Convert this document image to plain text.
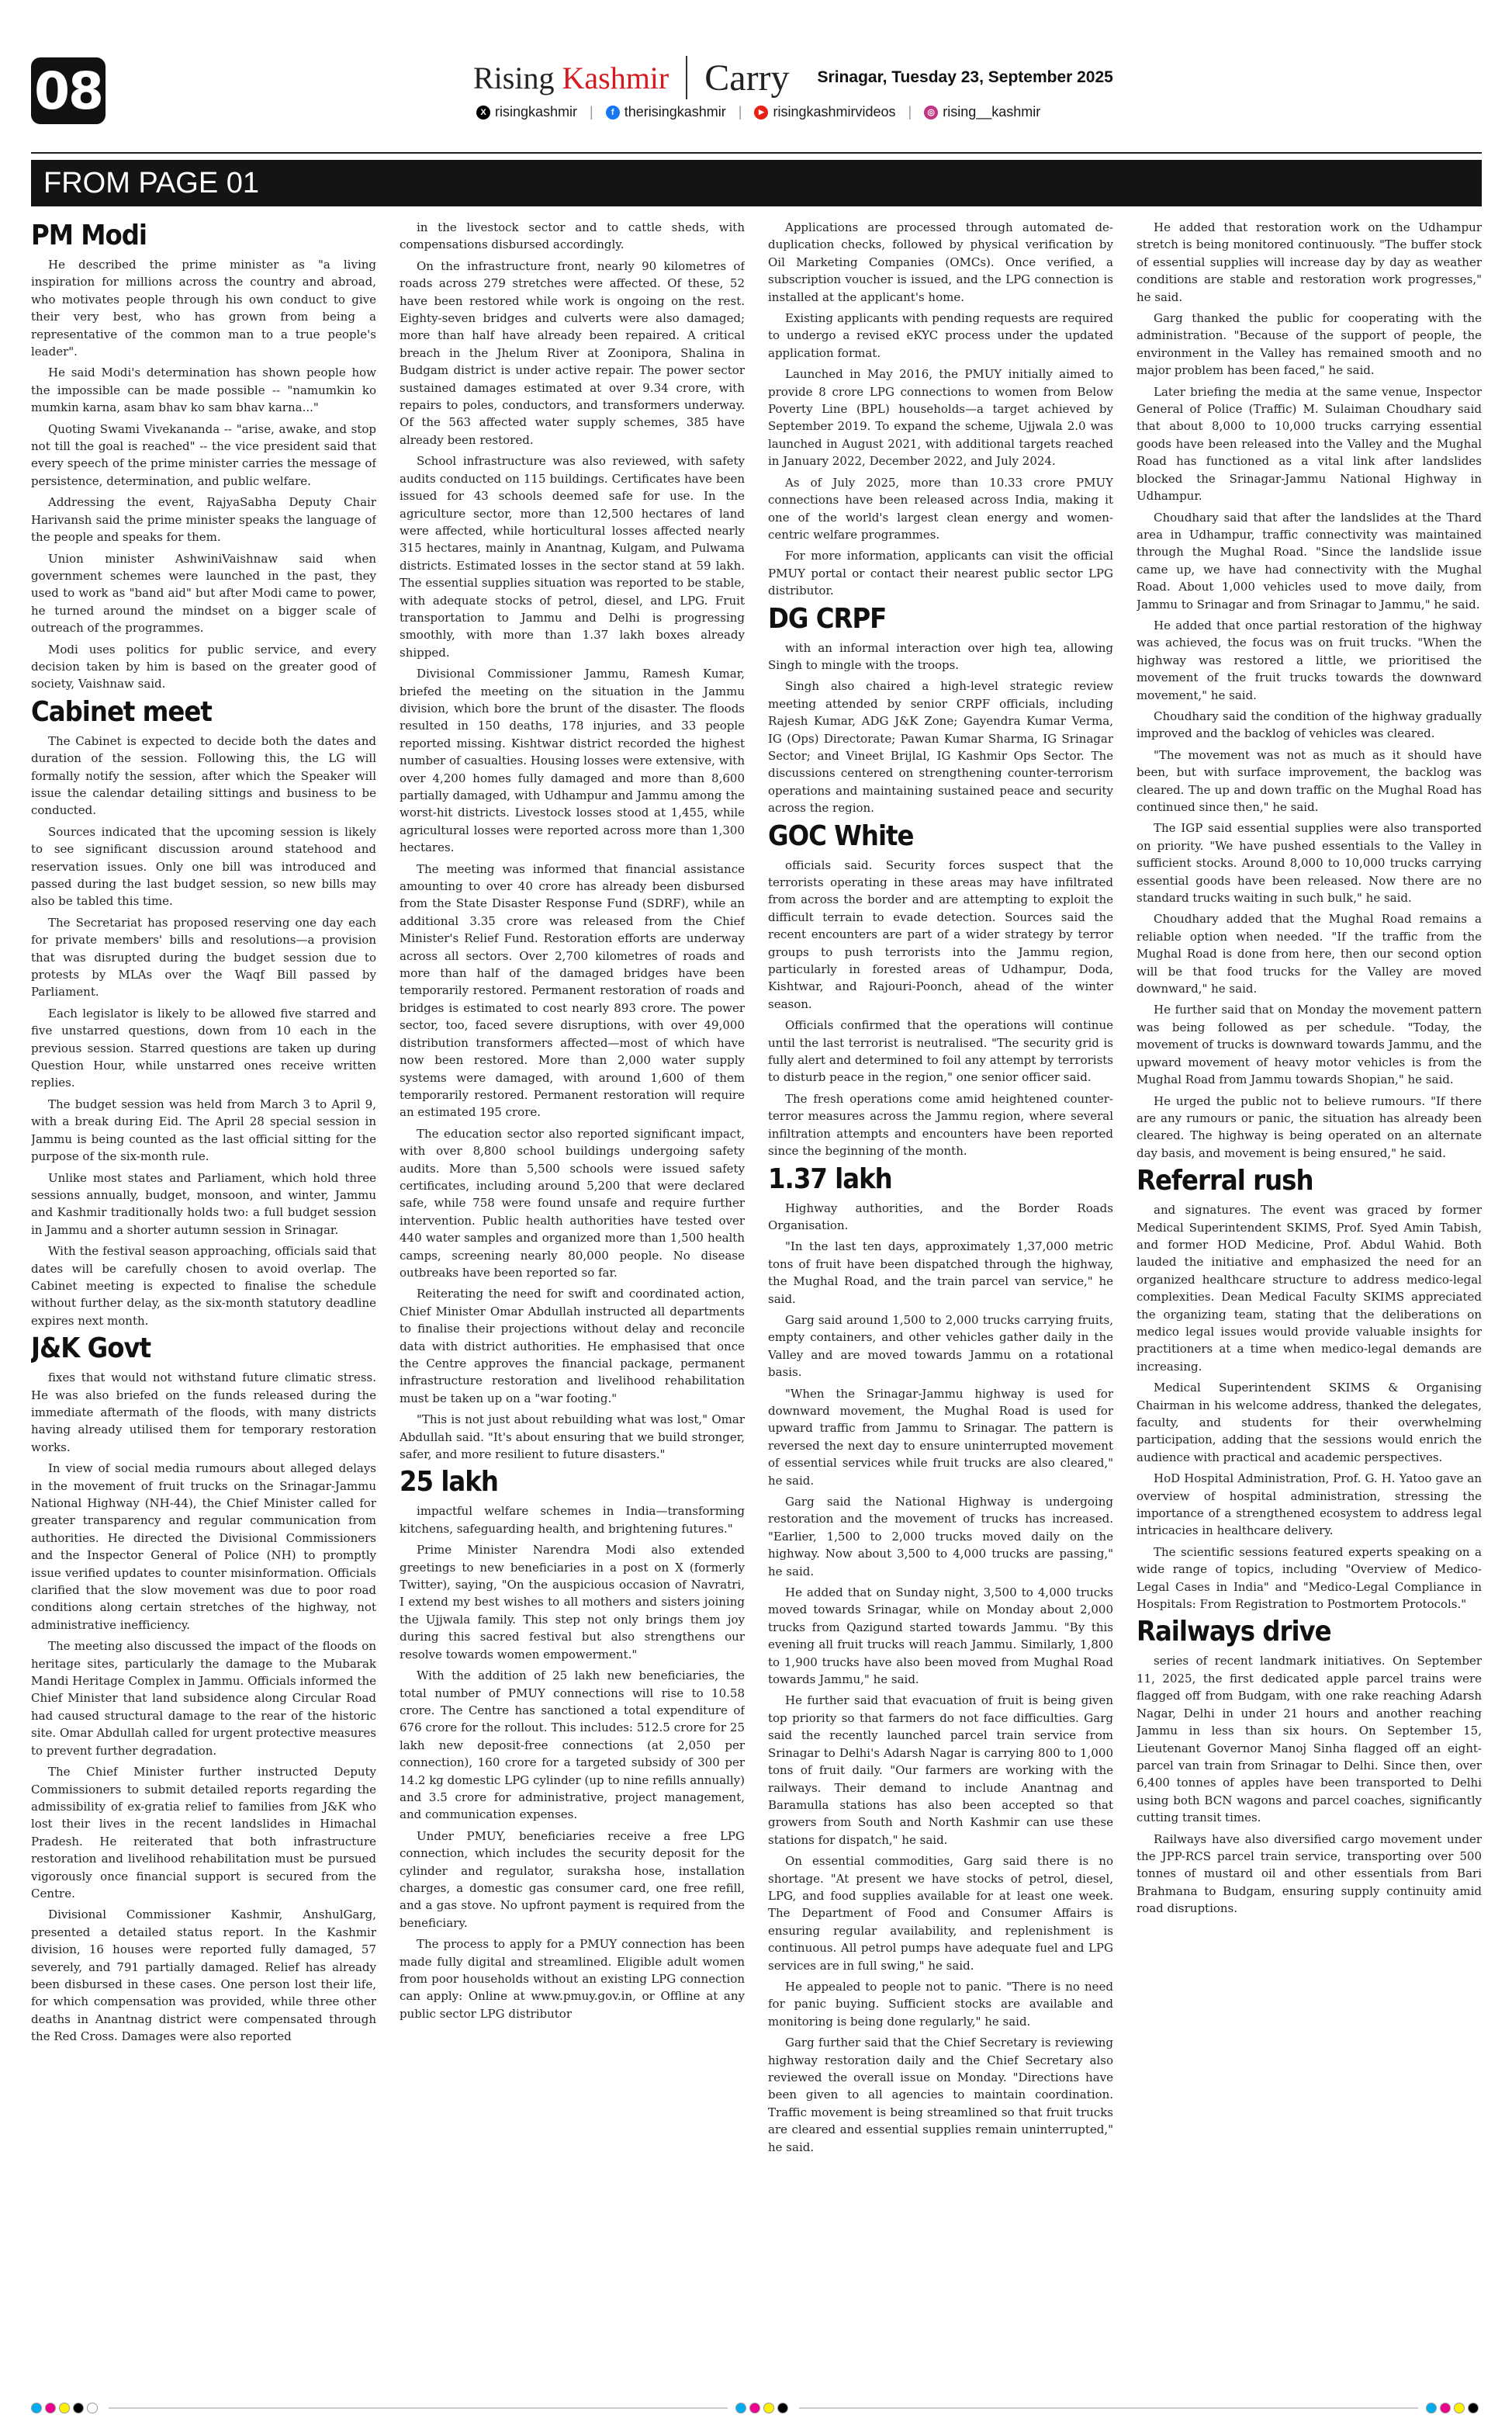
08	Rising Kashmir Carry Srinagar, Tuesday 23, September 2025
X risingkashmir |	f therisingkashmir |	▶ risingkashmirvideos |	◎ rising__kashmir
FROM PAGE 01
PM Modi

He described the prime minister as "a living inspiration for millions across the country and abroad, who motivates people through his own conduct to give their very best, who has grown from being a representative of the common man to a true people's leader".

He said Modi's determination has shown people how the impossible can be made possible -- "namumkin ko mumkin karna, asam bhav ko sam bhav karna..."

Quoting Swami Vivekananda -- "arise, awake, and stop not till the goal is reached" -- the vice president said that every speech of the prime minister carries the message of persistence, determination, and public welfare.

Addressing the event, RajyaSabha Deputy Chair Harivansh said the prime minister speaks the language of the people and speaks for them.

Union minister AshwiniVaishnaw said when government schemes were launched in the past, they used to work as "band aid" but after Modi came to power, he turned around the mindset on a bigger scale of outreach of the programmes.

Modi uses politics for public service, and every decision taken by him is based on the greater good of society, Vaishnaw said.

Cabinet meet

The Cabinet is expected to decide both the dates and duration of the session. Following this, the LG will formally notify the session, after which the Speaker will issue the calendar detailing sittings and business to be conducted.

Sources indicated that the upcoming session is likely to see significant discussion around statehood and reservation issues. Only one bill was introduced and passed during the last budget session, so new bills may also be tabled this time.

The Secretariat has proposed reserving one day each for private members' bills and resolutions—a provision that was disrupted during the budget session due to protests by MLAs over the Waqf Bill passed by Parliament.

Each legislator is likely to be allowed five starred and five unstarred questions, down from 10 each in the previous session. Starred questions are taken up during Question Hour, while unstarred ones receive written replies.

The budget session was held from March 3 to April 9, with a break during Eid. The April 28 special session in Jammu is being counted as the last official sitting for the purpose of the six-month rule.

Unlike most states and Parliament, which hold three sessions annually, budget, monsoon, and winter, Jammu and Kashmir traditionally holds two: a full budget session in Jammu and a shorter autumn session in Srinagar.

With the festival season approaching, officials said that dates will be carefully chosen to avoid overlap. The Cabinet meeting is expected to finalise the schedule without further delay, as the six-month statutory deadline expires next month.

J&K Govt

fixes that would not withstand future climatic stress. He was also briefed on the funds released during the immediate aftermath of the floods, with many districts having already utilised them for temporary restoration works.

In view of social media rumours about alleged delays in the movement of fruit trucks on the Srinagar-Jammu National Highway (NH-44), the Chief Minister called for greater transparency and regular communication from authorities. He directed the Divisional Commissioners and the Inspector General of Police (NH) to promptly issue verified updates to counter misinformation. Officials clarified that the slow movement was due to poor road conditions along certain stretches of the highway, not administrative inefficiency.

The meeting also discussed the impact of the floods on heritage sites, particularly the damage to the Mubarak Mandi Heritage Complex in Jammu. Officials informed the Chief Minister that land subsidence along Circular Road had caused structural damage to the rear of the historic site. Omar Abdullah called for urgent protective measures to prevent further degradation.

The Chief Minister further instructed Deputy Commissioners to submit detailed reports regarding the admissibility of ex-gratia relief to families from J&K who lost their lives in the recent landslides in Himachal Pradesh. He reiterated that both infrastructure restoration and livelihood rehabilitation must be pursued vigorously once financial support is secured from the Centre.

Divisional Commissioner Kashmir, AnshulGarg, presented a detailed status report. In the Kashmir division, 16 houses were reported fully damaged, 57 severely, and 791 partially damaged. Relief has already been disbursed in these cases. One person lost their life, for which compensation was provided, while three other deaths in Anantnag district were compensated through the Red Cross. Damages were also reported

in the livestock sector and to cattle sheds, with compensations disbursed accordingly.

On the infrastructure front, nearly 90 kilometres of roads across 279 stretches were affected. Of these, 52 have been restored while work is ongoing on the rest. Eighty-seven bridges and culverts were also damaged; more than half have already been repaired. A critical breach in the Jhelum River at Zoonipora, Shalina in Budgam district is under active repair. The power sector sustained damages estimated at over 9.34 crore, with repairs to poles, conductors, and transformers underway. Of the 563 affected water supply schemes, 385 have already been restored.

School infrastructure was also reviewed, with safety audits conducted on 115 buildings. Certificates have been issued for 43 schools deemed safe for use. In the agriculture sector, more than 12,500 hectares of land were affected, while horticultural losses affected nearly 315 hectares, mainly in Anantnag, Kulgam, and Pulwama districts. Estimated losses in the sector stand at 59 lakh. The essential supplies situation was reported to be stable, with adequate stocks of petrol, diesel, and LPG. Fruit transportation to Jammu and Delhi is progressing smoothly, with more than 1.37 lakh boxes already shipped.

Divisional Commissioner Jammu, Ramesh Kumar, briefed the meeting on the situation in the Jammu division, which bore the brunt of the disaster. The floods resulted in 150 deaths, 178 injuries, and 33 people reported missing. Kishtwar district recorded the highest number of casualties. Housing losses were extensive, with over 4,200 homes fully damaged and more than 8,600 partially damaged, with Udhampur and Jammu among the worst-hit districts. Livestock losses stood at 1,455, while agricultural losses were reported across more than 1,300 hectares.

The meeting was informed that financial assistance amounting to over 40 crore has already been disbursed from the State Disaster Response Fund (SDRF), while an additional 3.35 crore was released from the Chief Minister's Relief Fund. Restoration efforts are underway across all sectors. Over 2,700 kilometres of roads and more than half of the damaged bridges have been temporarily restored. Permanent restoration of roads and bridges is estimated to cost nearly 893 crore. The power sector, too, faced severe disruptions, with over 49,000 distribution transformers affected—most of which have now been restored. More than 2,000 water supply systems were damaged, with around 1,600 of them temporarily restored. Permanent restoration will require an estimated 195 crore.

The education sector also reported significant impact, with over 8,800 school buildings undergoing safety audits. More than 5,500 schools were issued safety certificates, including around 5,200 that were declared safe, while 758 were found unsafe and require further intervention. Public health authorities have tested over 440 water samples and organized more than 1,500 health camps, screening nearly 80,000 people. No disease outbreaks have been reported so far.

Reiterating the need for swift and coordinated action, Chief Minister Omar Abdullah instructed all departments to finalise their projections without delay and reconcile data with district authorities. He emphasised that once the Centre approves the financial package, permanent infrastructure restoration and livelihood rehabilitation must be taken up on a "war footing."

"This is not just about rebuilding what was lost," Omar Abdullah said. "It's about ensuring that we build stronger, safer, and more resilient to future disasters."

25 lakh

impactful welfare schemes in India—transforming kitchens, safeguarding health, and brightening futures."

Prime Minister Narendra Modi also extended greetings to new beneficiaries in a post on X (formerly Twitter), saying, "On the auspicious occasion of Navratri, I extend my best wishes to all mothers and sisters joining the Ujjwala family. This step not only brings them joy during this sacred festival but also strengthens our resolve towards women empowerment."

With the addition of 25 lakh new beneficiaries, the total number of PMUY connections will rise to 10.58 crore. The Centre has sanctioned a total expenditure of 676 crore for the rollout. This includes: 512.5 crore for 25 lakh new deposit-free connections (at 2,050 per connection), 160 crore for a targeted subsidy of 300 per 14.2 kg domestic LPG cylinder (up to nine refills annually) and 3.5 crore for administrative, project management, and communication expenses.

Under PMUY, beneficiaries receive a free LPG connection, which includes the security deposit for the cylinder and regulator, suraksha hose, installation charges, a domestic gas consumer card, one free refill, and a gas stove. No upfront payment is required from the beneficiary.

The process to apply for a PMUY connection has been made fully digital and streamlined. Eligible adult women from poor households without an existing LPG connection can apply: Online at www.pmuy.gov.in, or Offline at any public sector LPG distributor

Applications are processed through automated de-duplication checks, followed by physical verification by Oil Marketing Companies (OMCs). Once verified, a subscription voucher is issued, and the LPG connection is installed at the applicant's home.

Existing applicants with pending requests are required to undergo a revised eKYC process under the updated application format.

Launched in May 2016, the PMUY initially aimed to provide 8 crore LPG connections to women from Below Poverty Line (BPL) households—a target achieved by September 2019. To expand the scheme, Ujjwala 2.0 was launched in August 2021, with additional targets reached in January 2022, December 2022, and July 2024.

As of July 2025, more than 10.33 crore PMUY connections have been released across India, making it one of the world's largest clean energy and women-centric welfare programmes.

For more information, applicants can visit the official PMUY portal or contact their nearest public sector LPG distributor.

DG CRPF

with an informal interaction over high tea, allowing Singh to mingle with the troops.

Singh also chaired a high-level strategic review meeting attended by senior CRPF officials, including Rajesh Kumar, ADG J&K Zone; Gayendra Kumar Verma, IG (Ops) Directorate; Pawan Kumar Sharma, IG Srinagar Sector; and Vineet Brijlal, IG Kashmir Ops Sector. The discussions centered on strengthening counter-terrorism operations and maintaining sustained peace and security across the region.

GOC White

officials said. Security forces suspect that the terrorists operating in these areas may have infiltrated from across the border and are attempting to exploit the difficult terrain to evade detection. Sources said the recent encounters are part of a wider strategy by terror groups to push terrorists into the Jammu region, particularly in forested areas of Udhampur, Doda, Kishtwar, and Rajouri-Poonch, ahead of the winter season.

Officials confirmed that the operations will continue until the last terrorist is neutralised. "The security grid is fully alert and determined to foil any attempt by terrorists to disturb peace in the region," one senior officer said.

The fresh operations come amid heightened counter-terror measures across the Jammu region, where several infiltration attempts and encounters have been reported since the beginning of the month.

1.37 lakh

Highway authorities, and the Border Roads Organisation.

"In the last ten days, approximately 1,37,000 metric tons of fruit have been dispatched through the highway, the Mughal Road, and the train parcel van service," he said.

Garg said around 1,500 to 2,000 trucks carrying fruits, empty containers, and other vehicles gather daily in the Valley and are moved towards Jammu on a rotational basis.

"When the Srinagar-Jammu highway is used for downward movement, the Mughal Road is used for upward traffic from Jammu to Srinagar. The pattern is reversed the next day to ensure uninterrupted movement of essential services while fruit trucks are also cleared," he said.

Garg said the National Highway is undergoing restoration and the movement of trucks has increased. "Earlier, 1,500 to 2,000 trucks moved daily on the highway. Now about 3,500 to 4,000 trucks are passing," he said.

He added that on Sunday night, 3,500 to 4,000 trucks moved towards Srinagar, while on Monday about 2,000 trucks from Qazigund started towards Jammu. "By this evening all fruit trucks will reach Jammu. Similarly, 1,800 to 1,900 trucks have also been moved from Mughal Road towards Jammu," he said.

He further said that evacuation of fruit is being given top priority so that farmers do not face difficulties. Garg said the recently launched parcel train service from Srinagar to Delhi's Adarsh Nagar is carrying 800 to 1,000 tons of fruit daily. "Our farmers are working with the railways. Their demand to include Anantnag and Baramulla stations has also been accepted so that growers from South and North Kashmir can use these stations for dispatch," he said.

On essential commodities, Garg said there is no shortage. "At present we have stocks of petrol, diesel, LPG, and food supplies available for at least one week. The Department of Food and Consumer Affairs is ensuring regular availability, and replenishment is continuous. All petrol pumps have adequate fuel and LPG services are in full swing," he said.

He appealed to people not to panic. "There is no need for panic buying. Sufficient stocks are available and monitoring is being done regularly," he said.

Garg further said that the Chief Secretary is reviewing highway restoration daily and the Chief Secretary also reviewed the overall issue on Monday. "Directions have been given to all agencies to maintain coordination. Traffic movement is being streamlined so that fruit trucks are cleared and essential supplies remain uninterrupted," he said.

He added that restoration work on the Udhampur stretch is being monitored continuously. "The buffer stock of essential supplies will increase day by day as weather conditions are stable and restoration work progresses," he said.

Garg thanked the public for cooperating with the administration. "Because of the support of people, the environment in the Valley has remained smooth and no major problem has been faced," he said.

Later briefing the media at the same venue, Inspector General of Police (Traffic) M. Sulaiman Choudhary said that about 8,000 to 10,000 trucks carrying essential goods have been released into the Valley and the Mughal Road has functioned as a vital link after landslides blocked the Srinagar-Jammu National Highway in Udhampur.

Choudhary said that after the landslides at the Thard area in Udhampur, traffic connectivity was maintained through the Mughal Road. "Since the landslide issue came up, we have had connectivity with the Mughal Road. About 1,000 vehicles used to move daily, from Jammu to Srinagar and from Srinagar to Jammu," he said.

He added that once partial restoration of the highway was achieved, the focus was on fruit trucks. "When the highway was restored a little, we prioritised the movement of the fruit trucks towards the downward movement," he said.

Choudhary said the condition of the highway gradually improved and the backlog of vehicles was cleared.

"The movement was not as much as it should have been, but with surface improvement, the backlog was cleared. The up and down traffic on the Mughal Road has continued since then," he said.

The IGP said essential supplies were also transported on priority. "We have pushed essentials to the Valley in sufficient stocks. Around 8,000 to 10,000 trucks carrying essential goods have been released. Now there are no standard trucks waiting in such bulk," he said.

Choudhary added that the Mughal Road remains a reliable option when needed. "If the traffic from the Mughal Road is done from here, then our second option will be that food trucks for the Valley are moved downward," he said.

He further said that on Monday the movement pattern was being followed as per schedule. "Today, the movement of trucks is downward towards Jammu, and the upward movement of heavy motor vehicles is from the Mughal Road from Jammu towards Shopian," he said.

He urged the public not to believe rumours. "If there are any rumours or panic, the situation has already been cleared. The highway is being operated on an alternate day basis, and movement is being ensured," he said.

Referral rush

and signatures. The event was graced by former Medical Superintendent SKIMS, Prof. Syed Amin Tabish, and former HOD Medicine, Prof. Abdul Wahid. Both lauded the initiative and emphasized the need for an organized healthcare structure to address medico-legal complexities. Dean Medical Faculty SKIMS appreciated the organizing team, stating that the deliberations on medico legal issues would provide valuable insights for practitioners at a time when medico-legal demands are increasing.

Medical Superintendent SKIMS & Organising Chairman in his welcome address, thanked the delegates, faculty, and students for their overwhelming participation, adding that the sessions would enrich the audience with practical and academic perspectives.

HoD Hospital Administration, Prof. G. H. Yatoo gave an overview of hospital administration, stressing the importance of a strengthened ecosystem to address legal intricacies in healthcare delivery.

The scientific sessions featured experts speaking on a wide range of topics, including "Overview of Medico-Legal Cases in India" and "Medico-Legal Compliance in Hospitals: From Registration to Postmortem Protocols."

Railways drive

series of recent landmark initiatives. On September 11, 2025, the first dedicated apple parcel trains were flagged off from Budgam, with one rake reaching Adarsh Nagar, Delhi in under 21 hours and another reaching Jammu in less than six hours. On September 15, Lieutenant Governor Manoj Sinha flagged off an eight-parcel van train from Srinagar to Delhi. Since then, over 6,400 tonnes of apples have been transported to Delhi using both BCN wagons and parcel coaches, significantly cutting transit times.

Railways have also diversified cargo movement under the JPP-RCS parcel train service, transporting over 500 tonnes of mustard oil and other essentials from Bari Brahmana to Budgam, ensuring supply continuity amid road disruptions.
